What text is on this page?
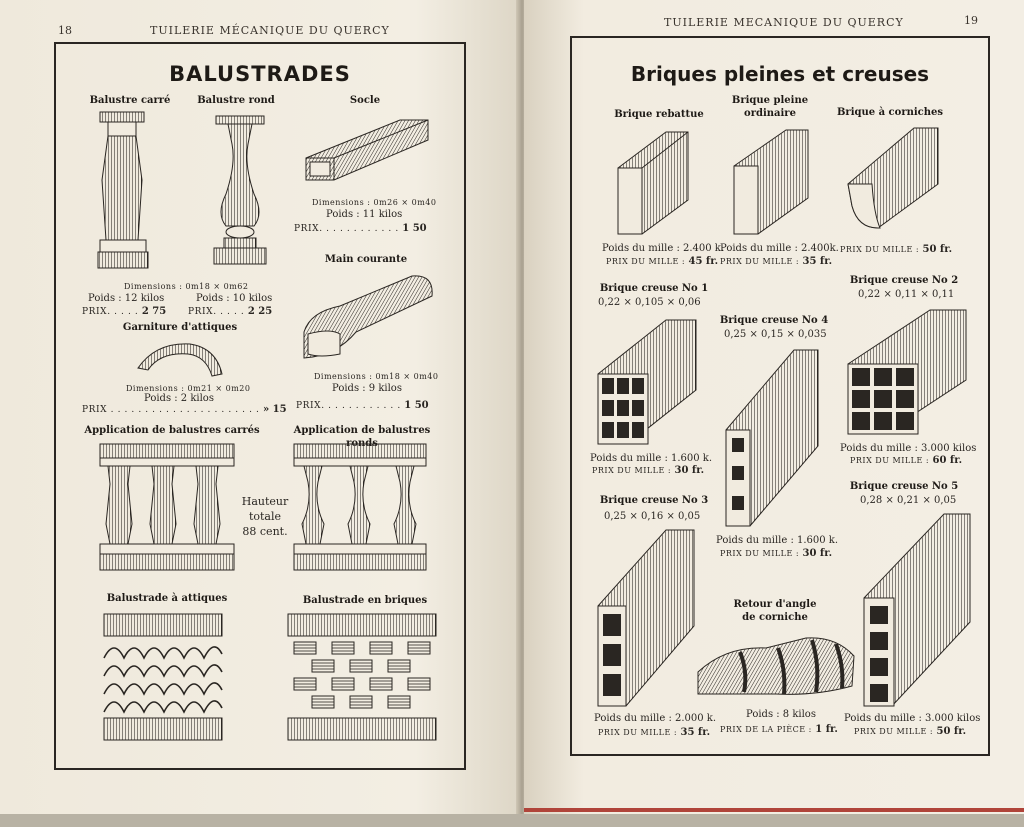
18	TUILERIE MÉCANIQUE DU QUERCY
BALUSTRADES
Balustre carré	Balustre rond
Dimensions : 0m18 × 0m62
Poids : 12 kilos	Poids : 10 kilos
PRIX. . . . . 2 75 PRIX. . . . . 2 25
Socle
Dimensions : 0m26 × 0m40
Poids : 11 kilos
PRIX. . . . . . . . . . . . 1 50
Main courante
Dimensions : 0m18 × 0m40
Poids : 9 kilos
PRIX. . . . . . . . . . . . 1 50
Garniture d'attiques
Dimensions : 0m21 × 0m20
Poids : 2 kilos
PRIX . . . . . . . . . . . . . . . . . . . . . . » 15
Application de balustres carrés	Application de balustres
Hauteur
totale
88 cent.
Balustrade à attiques	Balustrade en briques
TUILERIE MECANIQUE DU QUERCY	19
Briques pleines et creuses
Brique rebattue
Brique pleine
ordinaire	Brique à corniches
Poids du mille : 2.400 k.
PRIX DU MILLE : 45 fr.
Poids du mille : 2.400k.
PRIX DU MILLE : 35 fr.
PRIX DU MILLE : 50 fr.
Brique creuse No 1
0,22 × 0,105 × 0,06
Poids du mille : 1.600 k.
PRIX DU MILLE : 30 fr.
Brique creuse No 4
0,25 × 0,15 × 0,035
Poids du mille : 1.600 k.
PRIX DU MILLE : 30 fr.
Brique creuse No 2
0,22 × 0,11 × 0,11
Poids du mille : 3.000 kilos
PRIX DU MILLE : 60 fr.
Brique creuse No 3
0,25 × 0,16 × 0,05
Poids du mille : 2.000 k.
PRIX DU MILLE : 35 fr.
Brique creuse No 5
0,28 × 0,21 × 0,05
Poids du mille : 3.000 kilos
PRIX DU MILLE : 50 fr.
Retour d'angle
de corniche
Poids : 8 kilos
PRIX DE LA PIÈCE : 1 fr.
